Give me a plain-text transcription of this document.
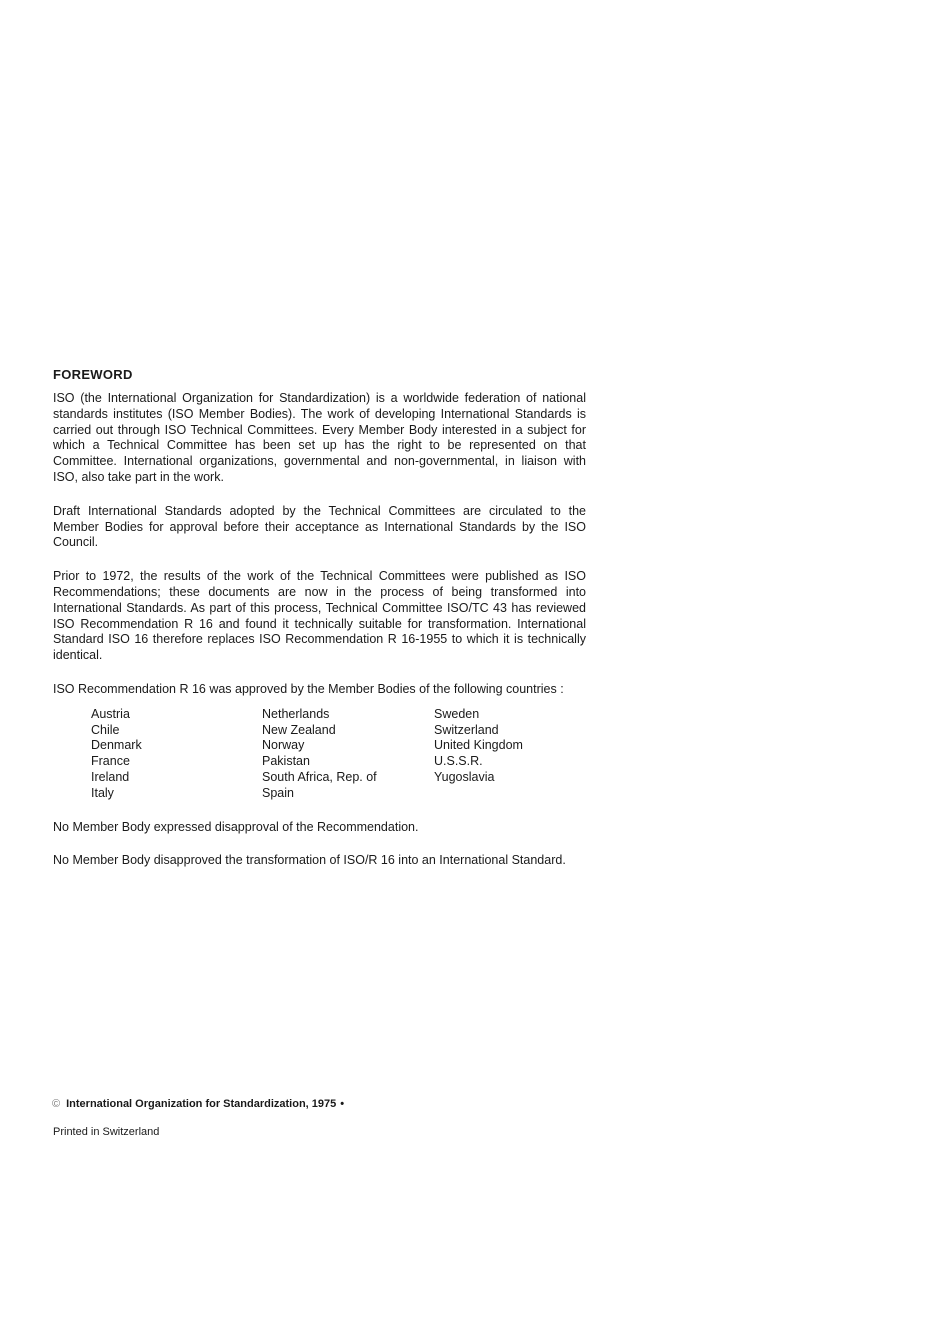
FOREWORD

ISO (the International Organization for Standardization) is a worldwide federation of national standards institutes (ISO Member Bodies). The work of developing International Standards is carried out through ISO Technical Committees. Every Member Body interested in a subject for which a Technical Committee has been set up has the right to be represented on that Committee. International organizations, governmental and non-governmental, in liaison with ISO, also take part in the work.

Draft International Standards adopted by the Technical Committees are circulated to the Member Bodies for approval before their acceptance as International Standards by the ISO Council.

Prior to 1972, the results of the work of the Technical Committees were published as ISO Recommendations; these documents are now in the process of being transformed into International Standards. As part of this process, Technical Committee ISO/TC 43 has reviewed ISO Recommendation R 16 and found it technically suitable for transformation. International Standard ISO 16 therefore replaces ISO Recommendation R 16-1955 to which it is technically identical.

ISO Recommendation R 16 was approved by the Member Bodies of the following countries :

Austria
Chile
Denmark
France
Ireland
Italy
Netherlands
New Zealand
Norway
Pakistan
South Africa, Rep. of
Spain
Sweden
Switzerland
United Kingdom
U.S.S.R.
Yugoslavia

No Member Body expressed disapproval of the Recommendation.

No Member Body disapproved the transformation of ISO/R 16 into an International Standard.

© International Organization for Standardization, 1975 •
Printed in Switzerland
